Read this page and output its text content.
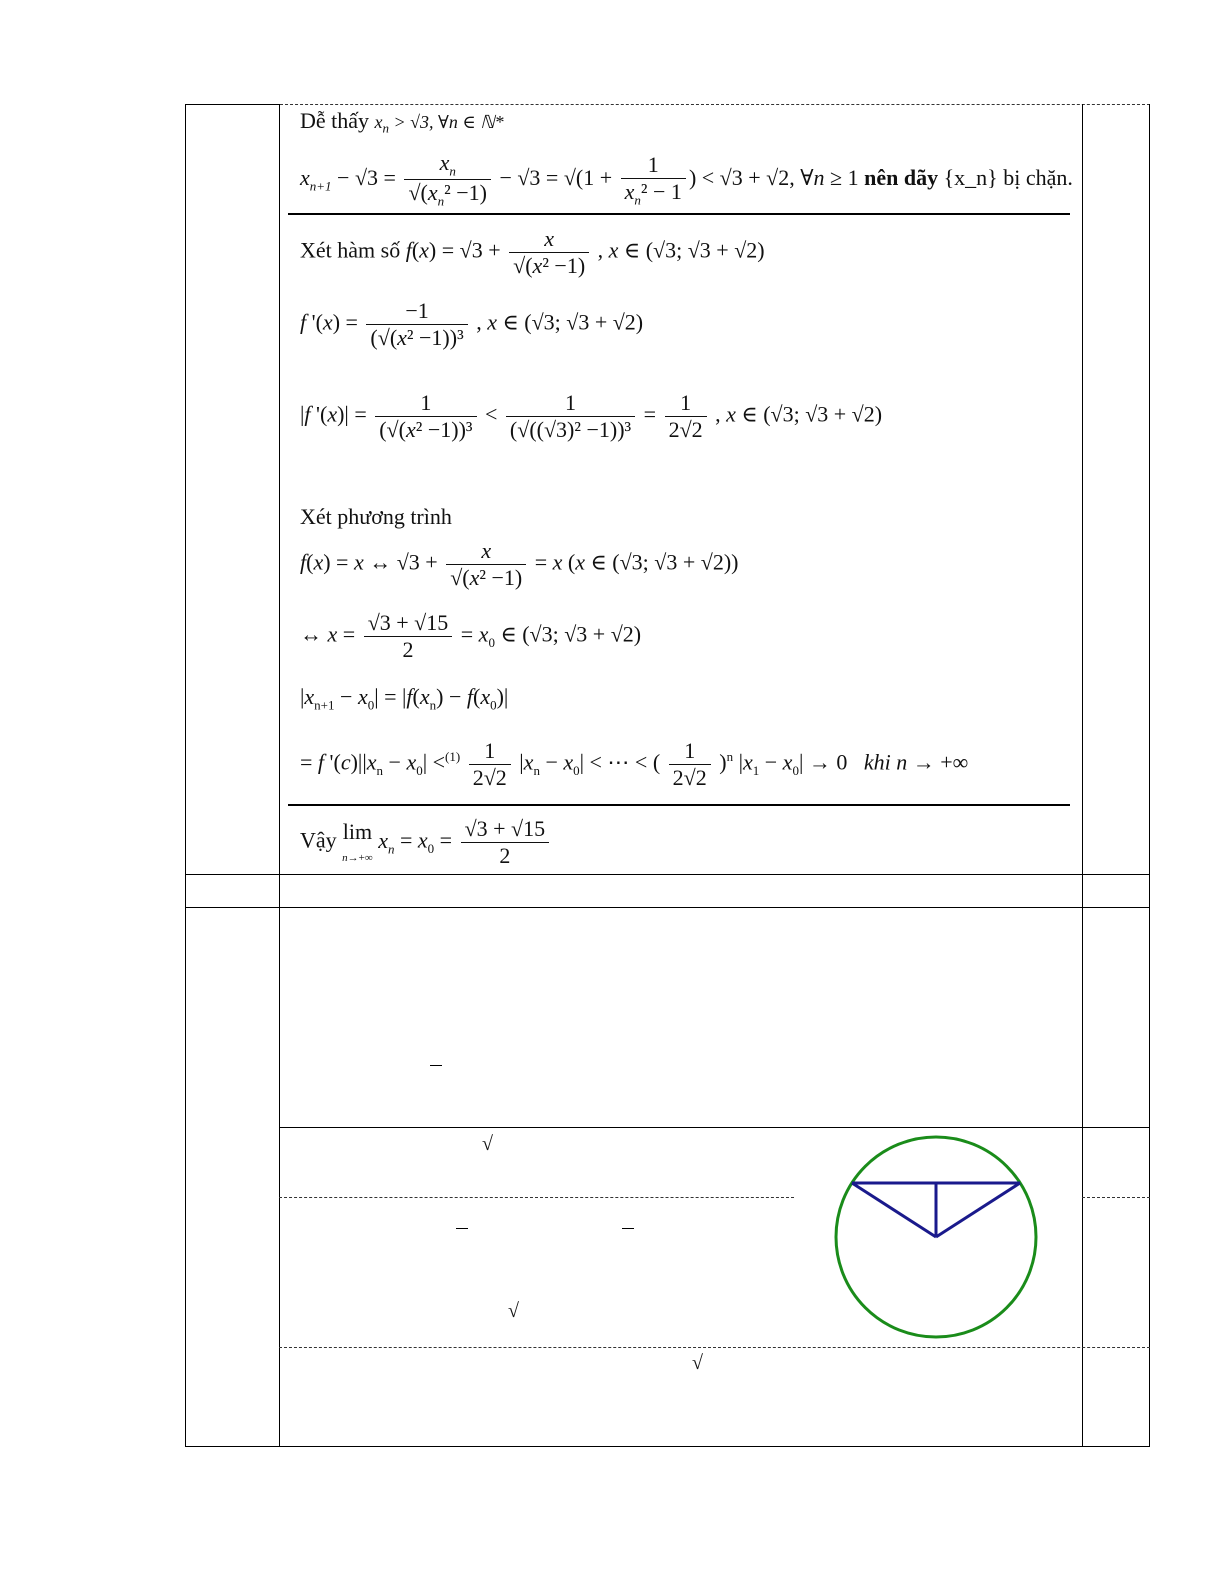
Dễ thấy $x_n > √3$, ∀n ∈ ℕ*
$x_{n+1} - √3 = \frac{x_n}{√(x_n^2 -1)} - √3 = √(1 + \frac{1}{x_n^2 - 1}$ ) < √3 + √2, ∀n ≥ 1 nên dãy {x_n} bị chặn.
Xét hàm số $f(x) = √3 + \frac{x}{\text{√(x² −1)}}$ , x ∈ (√3; √3 + √2)
f '$(x) = \frac{-1}{\text{(√(x² −1))³}}$ , x ∈ (√3; √3 + √2)
|f '$(x)| = \frac{1}{\text{(√(x² −1))³}} < \frac{1}{\text{(√((√3)² −1))³}} = \frac{1}{2√2}$ , x ∈ (√3; √3 + √2)
Xét phương trình
f(x) = x ↔ $√3 + \frac{x}{\text{√(x² −1)}} = x$ (x ∈ (√3; √3 + √2))
↔ $x = \frac{√3 + √15}{2} = x_0$ ∈ (√3; √3 + √2)
$|x_{n+1} - x_0| = |f(x_n) - f(x_0)|$
= f '$(c)||x_n - x_0| <^{(1)} \frac{1}{2√2} |x_n - x_0|$ < ⋯ < ( $\frac{1}{2√2} )^n$ $|x_1 - x_0| \to 0$   khi n → +∞
Vậy lim
n→+∞ $x_n = x_0 = \frac{√3 + √15}{2}$
√
√
√
